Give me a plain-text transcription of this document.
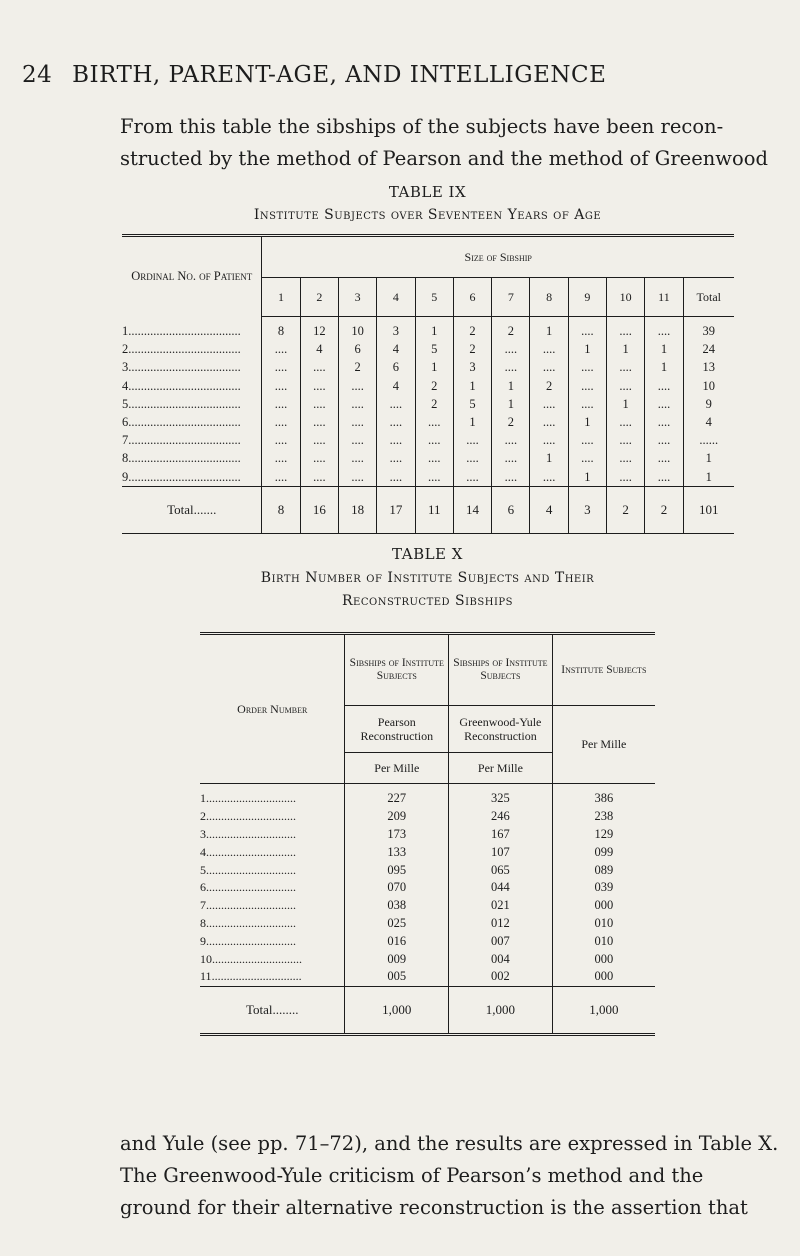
24 BIRTH, PARENT-AGE, AND INTELLIGENCE
From this table the sibships of the subjects have been recon-
structed by the method of Pearson and the method of Greenwood
TABLE IX
Institute Subjects over Seventeen Years of Age
Ordinal No. of Patient	Size of Sibship											
	1	2	3	4	5	6	7	8	9	10	11	Total
1....................................	8	12	10	3	1	2	2	1	....	....	....	39
2....................................	....	4	6	4	5	2	....	....	1	1	1	24
3....................................	....	....	2	6	1	3	....	....	....	....	1	13
4....................................	....	....	....	4	2	1	1	2	....	....	....	10
5....................................	....	....	....	....	2	5	1	....	....	1	....	9
6....................................	....	....	....	....	....	1	2	....	1	....	....	4
7....................................	....	....	....	....	....	....	....	....	....	....	....	......
8....................................	....	....	....	....	....	....	....	1	....	....	....	1
9....................................	....	....	....	....	....	....	....	....	1	....	....	1
Total.......	8	16	18	17	11	14	6	4	3	2	2	101
TABLE X
Birth Number of Institute Subjects and Their
Reconstructed Sibships
Order Number	Sibships of Institute Subjects	Sibships of Institute Subjects	Institute Subjects
	Pearson Reconstruction	Greenwood-Yule Reconstruction	Per Mille
	Per Mille	Per Mille	
1..............................	227	325	386
2..............................	209	246	238
3..............................	173	167	129
4..............................	133	107	099
5..............................	095	065	089
6..............................	070	044	039
7..............................	038	021	000
8..............................	025	012	010
9..............................	016	007	010
10..............................	009	004	000
11..............................	005	002	000
Total........	1,000	1,000	1,000
and Yule (see pp. 71–72), and the results are expressed in Table X.
The Greenwood-Yule criticism of Pearson’s method and the
ground for their alternative reconstruction is the assertion that
